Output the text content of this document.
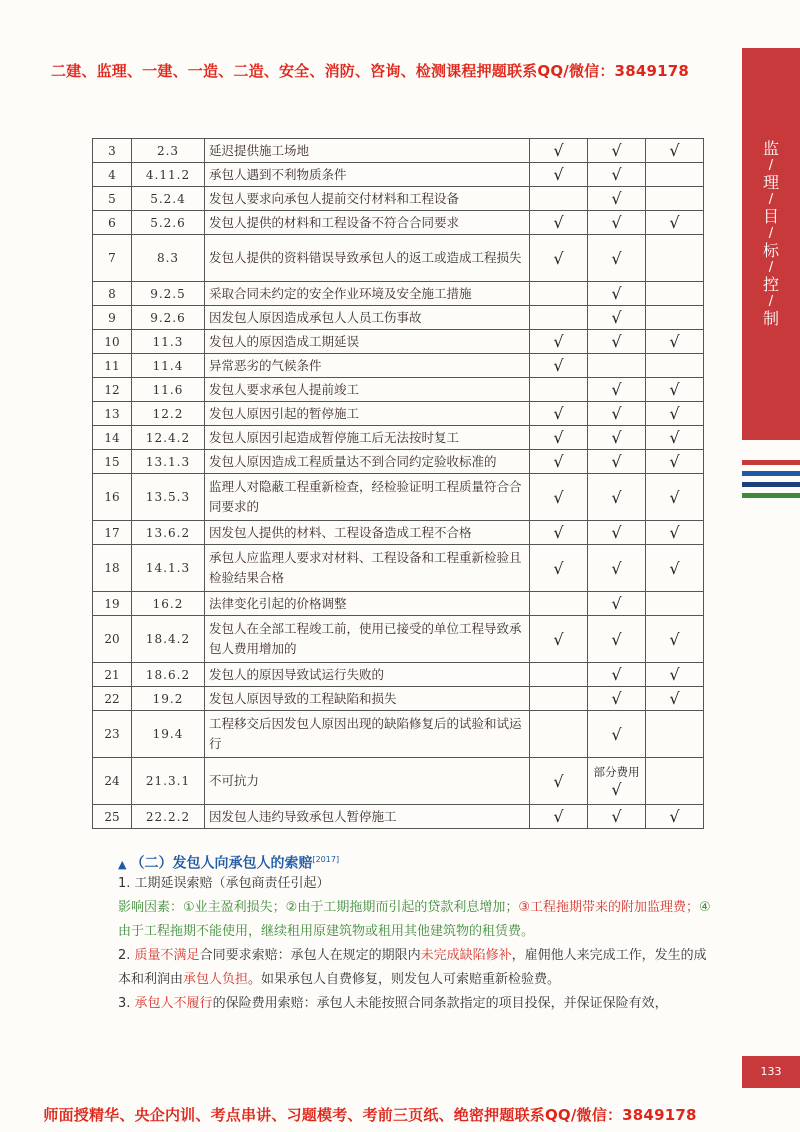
二建、监理、一建、一造、二造、安全、消防、咨询、检测课程押题联系QQ/微信：3849178
监
/
理
/
目
/
标
/
控
/
制
3	2.3	延迟提供施工场地	√	√	√
4	4.11.2	承包人遇到不利物质条件	√	√	
5	5.2.4	发包人要求向承包人提前交付材料和工程设备		√	
6	5.2.6	发包人提供的材料和工程设备不符合合同要求	√	√	√
7	8.3	发包人提供的资料错误导致承包人的返工或造成工程损失	√	√	
8	9.2.5	采取合同未约定的安全作业环境及安全施工措施		√	
9	9.2.6	因发包人原因造成承包人人员工伤事故		√	
10	11.3	发包人的原因造成工期延误	√	√	√
11	11.4	异常恶劣的气候条件	√		
12	11.6	发包人要求承包人提前竣工		√	√
13	12.2	发包人原因引起的暂停施工	√	√	√
14	12.4.2	发包人原因引起造成暂停施工后无法按时复工	√	√	√
15	13.1.3	发包人原因造成工程质量达不到合同约定验收标准的	√	√	√
16	13.5.3	监理人对隐蔽工程重新检查，经检验证明工程质量符合合同要求的	√	√	√
17	13.6.2	因发包人提供的材料、工程设备造成工程不合格	√	√	√
18	14.1.3	承包人应监理人要求对材料、工程设备和工程重新检验且检验结果合格	√	√	√
19	16.2	法律变化引起的价格调整		√	
20	18.4.2	发包人在全部工程竣工前，使用已接受的单位工程导致承包人费用增加的	√	√	√
21	18.6.2	发包人的原因导致试运行失败的		√	√
22	19.2	发包人原因导致的工程缺陷和损失		√	√
23	19.4	工程移交后因发包人原因出现的缺陷修复后的试验和试运行		√	
24	21.3.1	不可抗力	√	部分费用
√	
25	22.2.2	因发包人违约导致承包人暂停施工	√	√	√
▲ （二）发包人向承包人的索赔[2017]
1. 工期延误索赔（承包商责任引起）
影响因素：①业主盈利损失；②由于工期拖期而引起的贷款利息增加；③工程拖期带来的附加监理费；④由于工程拖期不能使用，继续租用原建筑物或租用其他建筑物的租赁费。
2. 质量不满足合同要求索赔：承包人在规定的期限内未完成缺陷修补，雇佣他人来完成工作，发生的成本和利润由承包人负担。如果承包人自费修复，则发包人可索赔重新检验费。
3. 承包人不履行的保险费用索赔：承包人未能按照合同条款指定的项目投保，并保证保险有效，
133
师面授精华、央企内训、考点串讲、习题模考、考前三页纸、绝密押题联系QQ/微信：3849178
